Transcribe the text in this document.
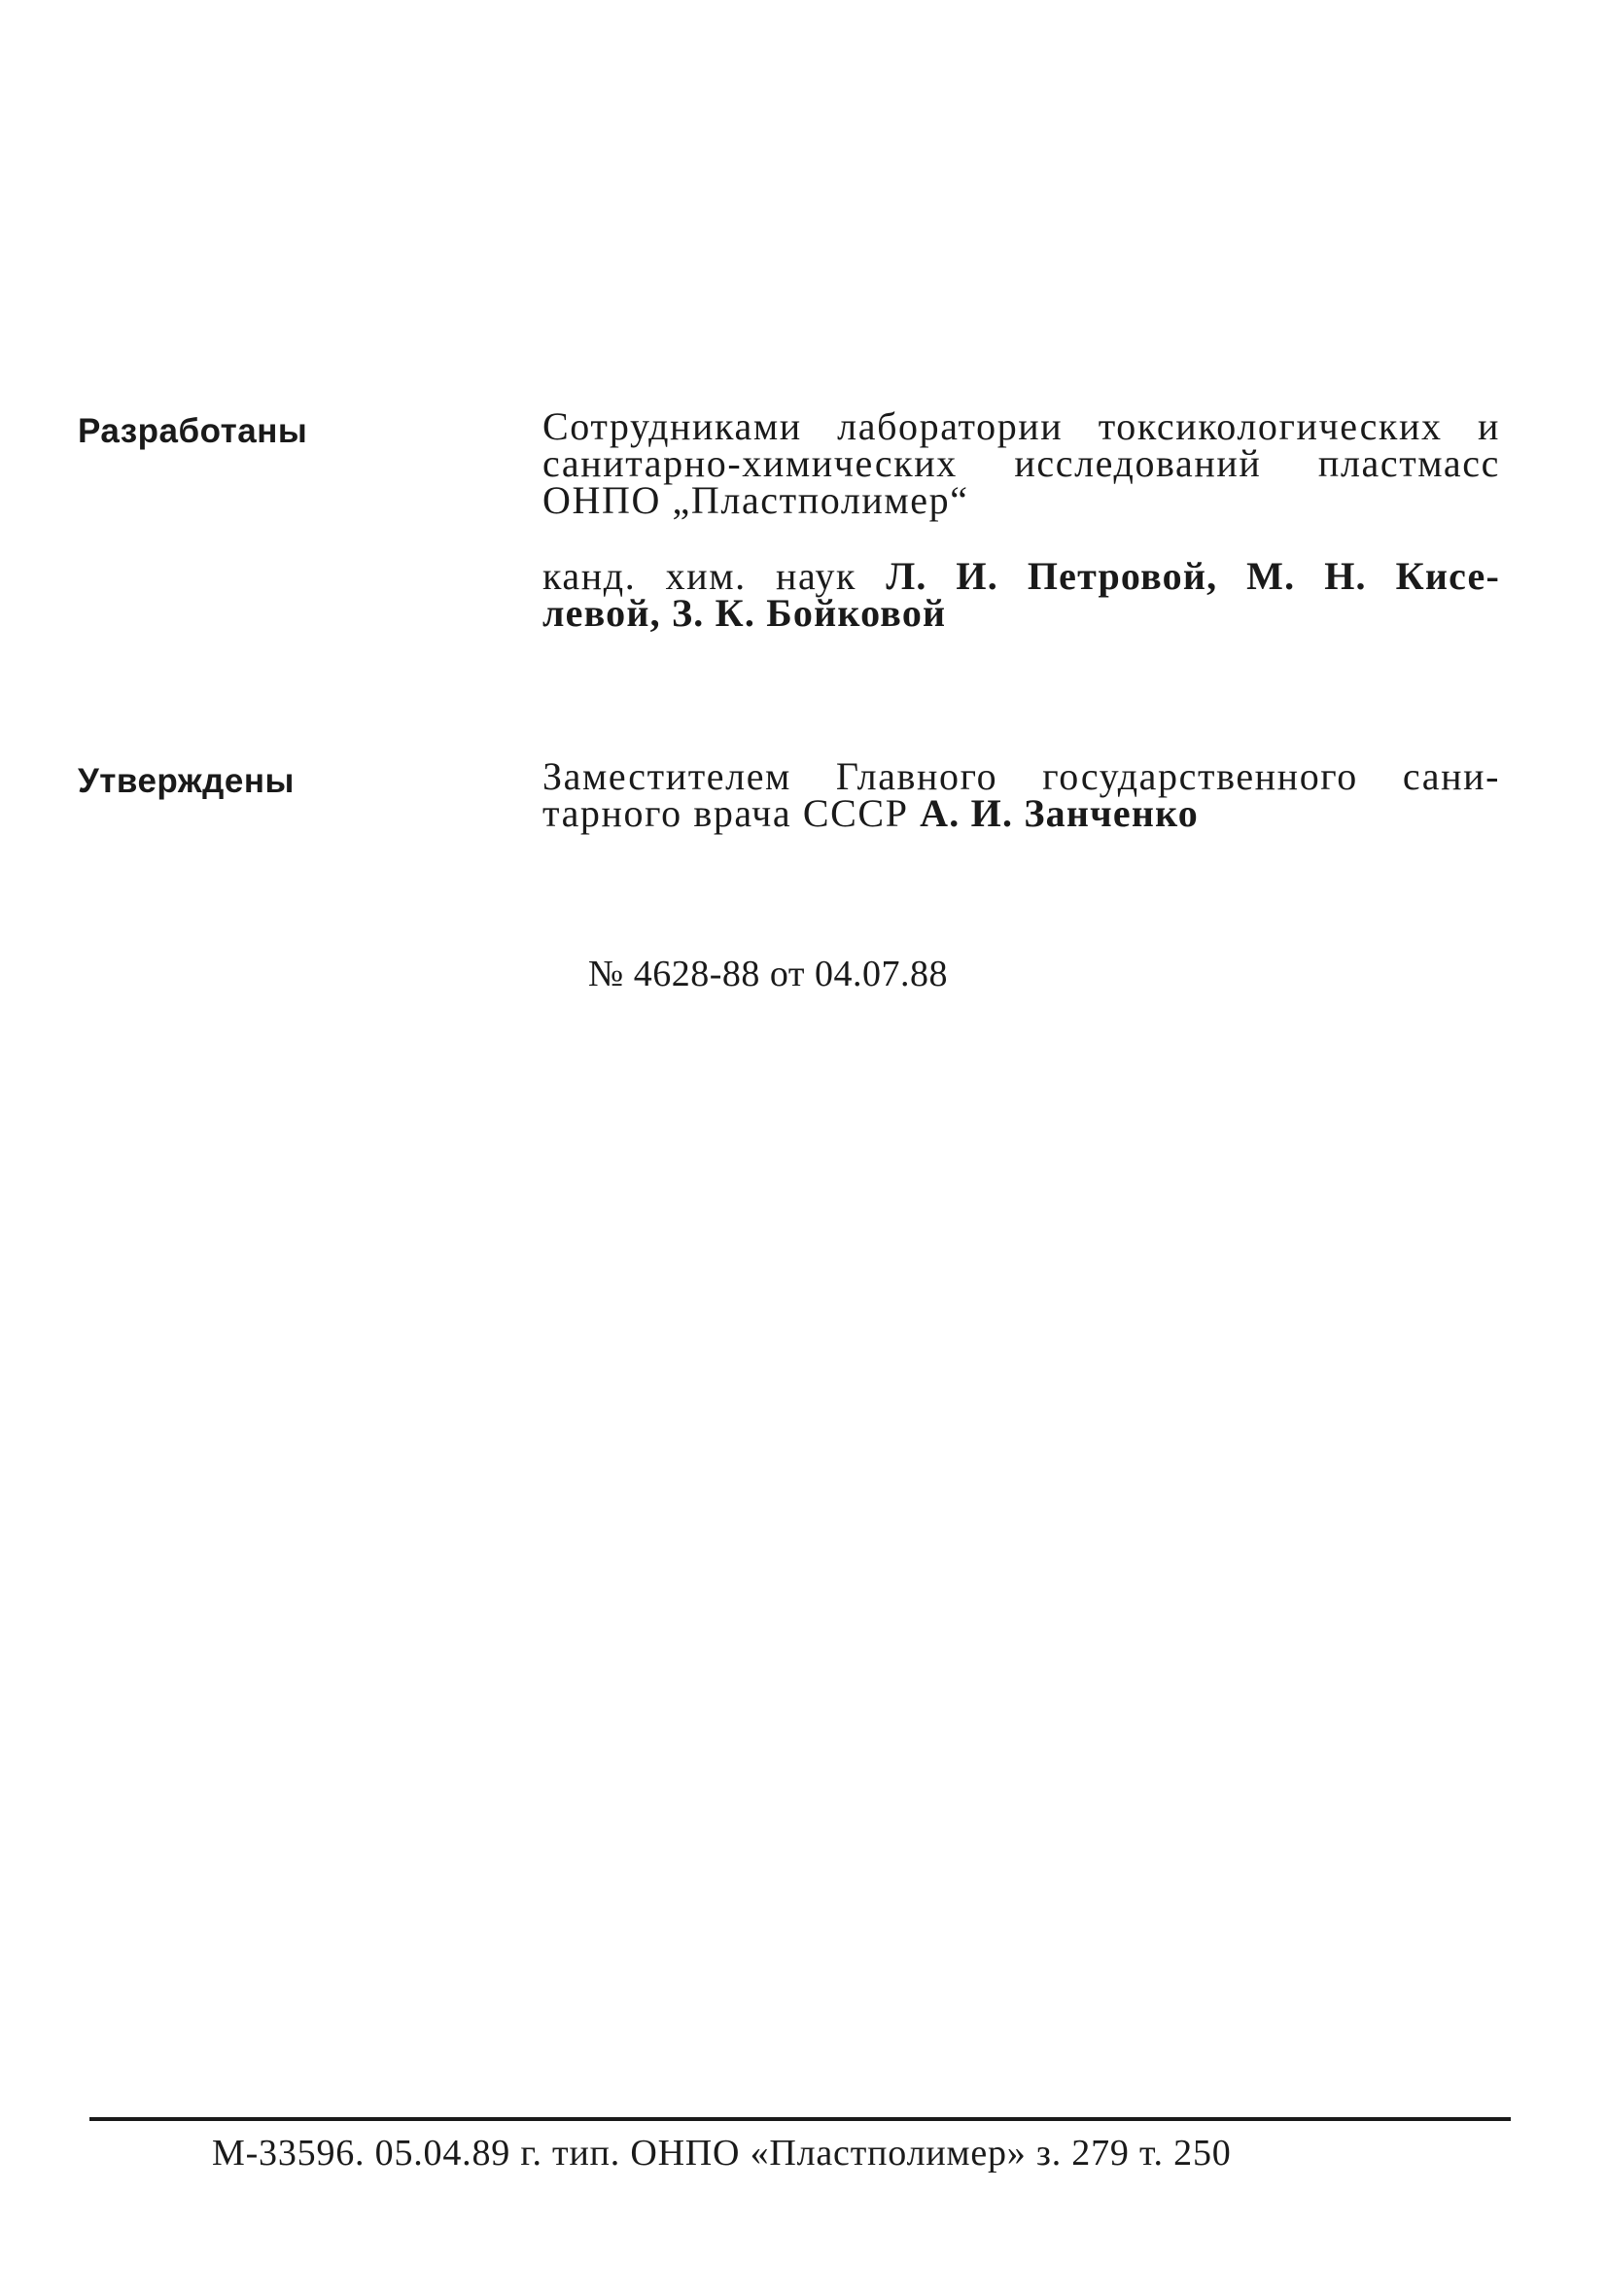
Разработаны	Сотрудниками лаборатории токсикологических и
санитарно-химических исследований пластмасс
ОНПО „Пластполимер“
канд. хим. наук Л. И. Петровой, М. Н. Кисе-
левой, З. К. Бойковой
Утверждены	Заместителем Главного государственного сани-
тарного врача СССР А. И. Занченко
№ 4628-88 от 04.07.88
М-33596. 05.04.89 г. тип. ОНПО «Пластполимер» з. 279 т. 250
